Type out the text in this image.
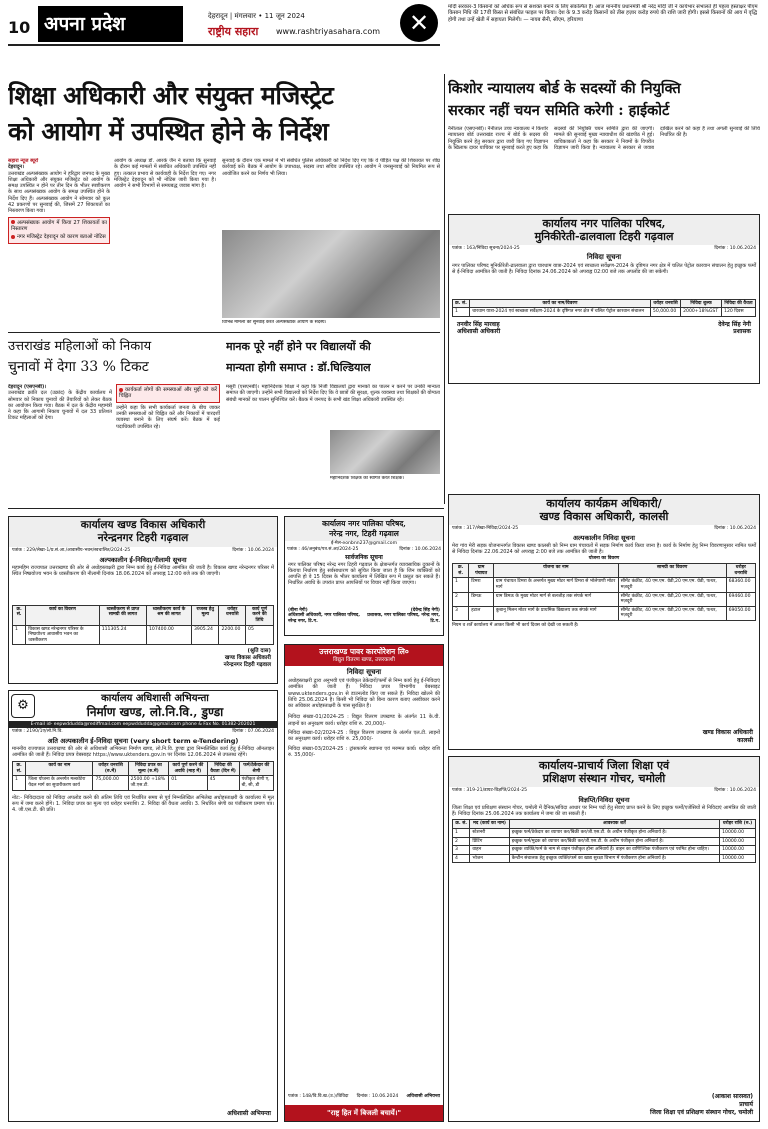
10 अपना प्रदेश	देहरादून | मंगलवार • 11 जून 2024
राष्ट्रीय सहारा www.rashtriyasahara.com	✕
मोदी सरकार-3 किसानों को अधिक रूप से सशक्त बनाने के लिए संकल्पित है। आज माननीय प्रधानमंत्री श्री नरेंद्र मोदी जी ने कार्यभार संभालते ही पहला हस्ताक्षर पीएम किसान निधि की 17वीं किस्त से संबंधित फाइल पर किया। देश के 9.3 करोड़ किसानों को तीस हज़ार करोड़ रुपये की राशि जारी होगी। इससे किसानों की आय में वृद्धि होगी तथा उन्हें खेती में सहायता मिलेगी। — नायब सैनी, सीएम, हरियाणा
शिक्षा अधिकारी और संयुक्त मजिस्ट्रेट
को आयोग में उपस्थित होने के निर्देश
सहारा न्यूज ब्यूरो
देहरादून।
उत्तराखंड अल्पसंख्यक आयोग ने हरिद्वार जनपद के मुख्य शिक्षा अधिकारी और संयुक्त मजिस्ट्रेट को आयोग के समक्ष उपस्थित न होने पर तीन दिन के भीतर स्पष्टीकरण के साथ अल्पसंख्यक आयोग के समक्ष उपस्थित होने के निर्देश दिए हैं। अल्पसंख्यक आयोग ने सोमवार को कुल 42 प्रकरणों पर सुनवाई की, जिसमें 27 शिकायतों का निस्तारण किया गया।
अल्पसंख्यक आयोग में किया 27 शिकायतों का निस्तारण
नगर मजिस्ट्रेट देहरादून को कारण बताओ नोटिस
आयोग के अध्यक्ष डॉ. आरके जैन ने बताया कि सुनवाई के दौरान कई मामलों में संबंधित अधिकारी उपस्थित नहीं हुए। तत्काल प्रभाव से कार्यवाही के निर्देश दिए गए। नगर मजिस्ट्रेट देहरादून को भी नोटिस जारी किया गया है। आयोग ने सभी विभागों से समयबद्ध जवाब मांगा है।
सुनवाई के दौरान एक मामले में भी संबंधित पुलिस अधिकारी को निर्देश दिए गए कि वे पीड़ित पक्ष की शिकायत पर शीघ्र कार्रवाई करें। बैठक में आयोग के उपाध्यक्ष, सदस्य तथा सचिव उपस्थित रहे। आयोग ने जनसुनवाई को नियमित रूप से आयोजित करने का निर्णय भी लिया।
विभिन्न मामलों की सुनवाई करते अल्पसंख्यक आयोग के सदस्य।
किशोर न्यायालय बोर्ड के सदस्यों की नियुक्ति
सरकार नहीं चयन समिति करेगी : हाईकोर्ट
नैनीताल (एसएनबी)। नैनीताल उच्च न्यायालय ने किशोर न्यायालय बोर्ड उत्तराखंड राज्य में बोर्ड के सदस्य की नियुक्ति करने हेतु सरकार द्वारा जारी किए गए विज्ञापन के खिलाफ दायर याचिका पर सुनवाई करते हुए कहा कि सदस्यों की नियुक्ति चयन समिति द्वारा की जाएगी। मामले की सुनवाई मुख्य न्यायाधीश की खंडपीठ में हुई। याचिकाकर्ता ने कहा कि सरकार ने नियमों के विपरीत विज्ञापन जारी किया है। न्यायालय ने सरकार से जवाब दाखिल करने को कहा है तथा अगली सुनवाई की तिथि निर्धारित की है।
कार्यालय नगर पालिका परिषद,
मुनिकीरेती-ढालवाला टिहरी गढ़वाल
पत्रांक : 163/निविदा सूचना/2024-25	दिनांक : 10.06.2024
निविदा सूचना
नगर पालिका परिषद मुनिकीरेती-ढालवाला द्वारा चारधाम यात्रा-2024 एवं स्वच्छता सर्वेक्षण-2024 के दृष्टिगत नगर क्षेत्र में चलित पेट्रोल कारवान संचालन हेतु इच्छुक फर्मों से ई-निविदा आमंत्रित की जाती है। निविदा दिनांक 24.06.2024 को अपराह्न 02:00 बजे तक अपलोड की जा सकेगी।
क्र. सं.	कार्य का नाम/विवरण	धरोहर धनराशि	निविदा शुल्क	निविदा की वैधता
1	चारधाम यात्रा-2024 एवं स्वच्छता सर्वेक्षण-2024 के दृष्टिगत नगर क्षेत्र में चलित पेट्रोल कारवान संचालन	50,000.00	2000+18%GST	120 दिवस
तनवीर सिंह मारवाह
अधिशासी अधिकारी
देवेन्द्र सिंह नेगी
प्रशासक
उत्तराखंड महिलाओं को निकाय
चुनावों में देगा 33 % टिकट
देहरादून (एसएनबी)।
उत्तराखंड क्रांति दल (उक्रांद) के केंद्रीय कार्यालय में सोमवार को निकाय चुनावों की तैयारियों को लेकर बैठक का आयोजन किया गया। बैठक में दल के केंद्रीय महामंत्री ने कहा कि आगामी निकाय चुनावों में दल 33 प्रतिशत टिकट महिलाओं को देगा।
कार्यकर्ता लोगों की समस्याओं और मुद्दों को करें चिह्नित
उन्होंने कहा कि सभी कार्यकर्ता जनता के बीच जाकर उनकी समस्याओं को चिह्नित करें और निकायों में पारदर्शी व्यवस्था बनाने के लिए संघर्ष करें। बैठक में कई पदाधिकारी उपस्थित रहे।
मानक पूरे नहीं होने पर विद्यालयों की
मान्यता होगी समाप्त : डॉ.घिल्डियाल
मसूरी (एसएनबी)। महानिदेशक शिक्षा ने कहा कि निजी विद्यालयों द्वारा मानकों का पालन न करने पर उनकी मान्यता समाप्त की जाएगी। उन्होंने सभी विद्यालयों को निर्देश दिए कि वे छात्रों की सुरक्षा, शुल्क व्यवस्था तथा शिक्षकों की योग्यता संबंधी मानकों का पालन सुनिश्चित करें। बैठक में जनपद के सभी खंड शिक्षा अधिकारी उपस्थित रहे।
महानिदेशक शिक्षक का स्वागत करते शिक्षक।
कार्यालय खण्ड विकास अधिकारी
नरेन्द्रनगर टिहरी गढ़वाल
पत्रांक : 229/लेखा-1/प्र.सं.आ./आवासीय-भवन/स्वचालित/2024-25	दिनांक : 10.06.2024
अल्पकालीन ई-निविदा/नीलामी सूचना
महामहिम राज्यपाल उत्तराखण्ड की ओर से अधोहस्ताक्षरी द्वारा निम्न कार्य हेतु ई-निविदा आमंत्रित की जाती है। विकास खण्ड नरेन्द्रनगर परिसर में स्थित निष्प्रयोज्य भवन के ध्वस्तीकरण की नीलामी दिनांक 18.06.2024 को अपराह्न 12:00 बजे तक की जाएगी।
क्र. सं.	कार्य का विवरण	ध्वस्तीकरण से प्राप्त सामग्री की लागत	ध्वस्तीकरण कार्य के श्रम की लागत	राजस्व हेतु मूल्य	धरोहर धनराशि	कार्य पूर्ण करने की तिथि
1	विकास खण्ड नरेन्द्रनगर परिसर के निष्प्रयोज्य आवासीय भवन का ध्वस्तीकरण	111305.24	107400.00	3905.24	2200.00	05
(श्रुति दास)
खण्ड विकास अधिकारी
नरेन्द्रनगर टिहरी गढ़वाल
कार्यालय नगर पालिका परिषद,
नरेन्द्र नगर, टिहरी गढ़वाल
ई-मेल-eonbnn237@gmail.com
पत्रांक : 46/अनुबंध/पत्र.सं.आ/2024-25	दिनांक : 10.06.2024
सार्वजनिक सूचना
नगर पालिका परिषद नरेन्द्र नगर टिहरी गढ़वाल के क्षेत्रान्तर्गत व्यावसायिक दुकानों के किराया निर्धारण हेतु सर्वसाधारण को सूचित किया जाता है कि जिन व्यक्तियों को आपत्ति हो वे 15 दिवस के भीतर कार्यालय में लिखित रूप में प्रस्तुत कर सकते हैं। निर्धारित अवधि के उपरांत प्राप्त आपत्तियों पर विचार नहीं किया जाएगा।
(बीना नेगी)
अधिशासी अधिकारी, नगर पालिका परिषद, नरेन्द्र नगर, टि.ग.
(देवेन्द्र सिंह नेगी)
प्रशासक, नगर पालिका परिषद, नरेन्द्र नगर, टि.ग.
उत्तराखण्ड पावर कारपोरेशन लि०
विद्युत वितरण खण्ड, उत्तरकाशी
निविदा सूचना
अधोहस्ताक्षरी द्वारा अनुभवी एवं पंजीकृत ठेकेदारों/फर्मों से निम्न कार्य हेतु ई-निविदाएं आमंत्रित की जाती हैं। निविदा प्रपत्र विभागीय वेबसाइट www.uktenders.gov.in से डाउनलोड किए जा सकते हैं। निविदा खोलने की तिथि 25.06.2024 है। किसी भी निविदा को बिना कारण बताए अस्वीकार करने का अधिकार अधोहस्ताक्षरी के पास सुरक्षित है।
निविदा संख्या-01/2024-25 : विद्युत वितरण उपखण्ड के अंतर्गत 11 के.वी. लाइनों का अनुरक्षण कार्य। धरोहर राशि रु. 20,000/-
निविदा संख्या-02/2024-25 : विद्युत वितरण उपखण्ड के अंतर्गत एल.टी. लाइनों का अनुरक्षण कार्य। धरोहर राशि रु. 25,000/-
निविदा संख्या-03/2024-25 : ट्रांसफार्मर स्थापना एवं मरम्मत कार्य। धरोहर राशि रु. 35,000/-
पत्रांक : 148/वि.वि.ख.(उ.)/विविदा दिनांक : 10.06.2024 अधिशासी अभियन्ता
"राष्ट्र हित में बिजली बचायें।"
⚙	कार्यालय अधिशासी अभियन्ता
निर्माण खण्ड, लो.नि.वि., डुण्डा
E-mail id- eepwddudda@rediffmail.com eepwddudda@gmail.com phone & Fax No. 01382-202021
पत्रांक : 2190/1ए/लो.नि.वि.	दिनांक : 07.06.2024
अति अल्पकालीन ई-निविदा सूचना (very short term e-Tendering)
माननीय राज्यपाल उत्तराखण्ड की ओर से अधिशासी अभियन्ता निर्माण खण्ड, लो.नि.वि. डुण्डा द्वारा निम्नलिखित कार्य हेतु ई-निविदा ऑनलाइन आमंत्रित की जाती हैं। निविदा प्रपत्र वेबसाइट https://www.uktenders.gov.in पर दिनांक 12.06.2024 से उपलब्ध रहेंगे।
क्र. सं.	कार्य का नाम	धरोहर धनराशि (रु.में)	निविदा प्रपत्र का मूल्य (रु.में)	कार्य पूर्ण करने की अवधि (माह में)	निविदा की वैधता (दिन में)	फर्म/ठेकेदार की श्रेणी
1	जिला योजना के अन्तर्गत मल्कोटेरा पैदल मार्ग का सुधारीकरण कार्य	75,000.00	2500.00 +18% जी.एस.टी.	01	45	पंजीकृत श्रेणी ए, बी, सी, डी
नोट:- निविदादाता को निविदा अपलोड करने की अंतिम तिथि एवं निर्धारित समय से पूर्व निम्नलिखित अभिलेख अधोहस्ताक्षरी के कार्यालय में मूल रूप में जमा करने होंगे। 1. निविदा प्रपत्र का मूल्य एवं धरोहर धनराशि। 2. निविदा की वैधता अवधि। 3. निर्धारित श्रेणी का पंजीकरण प्रमाण पत्र। 4. जी.एस.टी. की प्रति।
अधिशासी अभियन्ता
कार्यालय कार्यक्रम अधिकारी/
खण्ड विकास अधिकारी, कालसी
पत्रांक : 317/लेखा-निविदा/2024-25	दिनांक : 10.06.2024
अल्पकालीन निविदा सूचना
मेरा गांव मेरी सड़क योजनान्तर्गत विकास खण्ड कालसी को निम्न ग्राम पंचायतों में सड़क निर्माण कार्य किया जाना है। कार्य के निर्माण हेतु निम्न विवरणानुसार नामित फर्मों से निविदा दिनांक 22.06.2024 को अपराह्न 2:00 बजे तक आमंत्रित की जाती है।
योजना का विवरण
क्र. सं.	ग्राम पंचायत	योजना का नाम	सामग्री का विवरण	धरोहर धनराशि
1	टिमरा	ग्राम पंचायत टिमरा के अन्तर्गत मुख्य मोटर मार्ग टिमरा से भोलेपाणी मोटर मार्ग	सीमेंट कंक्रीट, 40 एम.एम. ग्रेडी,20 एम.एम. ग्रेडी, पत्थर, मज़दूरी	68360.00
2	डिमऊ	ग्राम डिमऊ के मुख्य मोटर मार्ग से बलजौड़ तक संपर्क मार्ग	सीमेंट कंक्रीट, 40 एम.एम. ग्रेडी,20 एम.एम. ग्रेडी, पत्थर, मज़दूरी	69460.00
3	हटाल	कुबानू मिलन मोटर मार्ग के प्राथमिक विद्यालय तक संपर्क मार्ग	सीमेंट कंक्रीट, 40 एम.एम. ग्रेडी,20 एम.एम. ग्रेडी, पत्थर, मज़दूरी	69050.00
नियम व शर्तें कार्यालय में आकर किसी भी कार्य दिवस को देखी जा सकती हैं।
खण्ड विकास अधिकारी
कालसी
कार्यालय-प्राचार्य जिला शिक्षा एवं
प्रशिक्षण संस्थान गोचर, चमोली
पत्रांक : 319-21/डायट-विज्ञप्ति/2024-25	दिनांक : 10.06.2024
विज्ञप्ति/निविदा सूचना
जिला शिक्षा एवं प्रशिक्षण संस्थान गोचर, चमोली में दैनिक/संविदा आधार पर निम्न पदों हेतु सेवाएं प्राप्त करने के लिए इच्छुक फर्मों/एजेंसियों से निविदाएं आमंत्रित की जाती हैं। निविदा दिनांक 25.06.2024 तक कार्यालय में जमा की जा सकती हैं।
क्र. सं.	मद (कार्य का नाम)	आवश्यक शर्तें	धरोहर राशि (रु.)
1	स्टेशनरी	इच्छुक फर्म/ठेकेदार का व्यापार कर/बिक्री कर/जी.एस.टी. के अधीन पंजीकृत होना अनिवार्य है।	10000.00
2	प्रिंटिंग	इच्छुक फर्म/मुद्रक को व्यापार कर/बिक्री कर/जी.एस.टी. के अधीन पंजीकृत होना अनिवार्य है।	10000.00
3	वाहन	इच्छुक व्यक्ति/फर्म के नाम से वाहन पंजीकृत होना अनिवार्य है। वाहन का वाणिज्यिक पंजीकरण एवं परमिट होना चाहिए।	10000.00
4	भोजन	कैन्टीन संचालक हेतु इच्छुक व्यक्ति/फर्म का खाद्य सुरक्षा विभाग में पंजीकरण होना अनिवार्य है।	10000.00
(आकाश सारस्वत)
प्राचार्य
जिला शिक्षा एवं प्रशिक्षण संस्थान गोचर, चमोली
